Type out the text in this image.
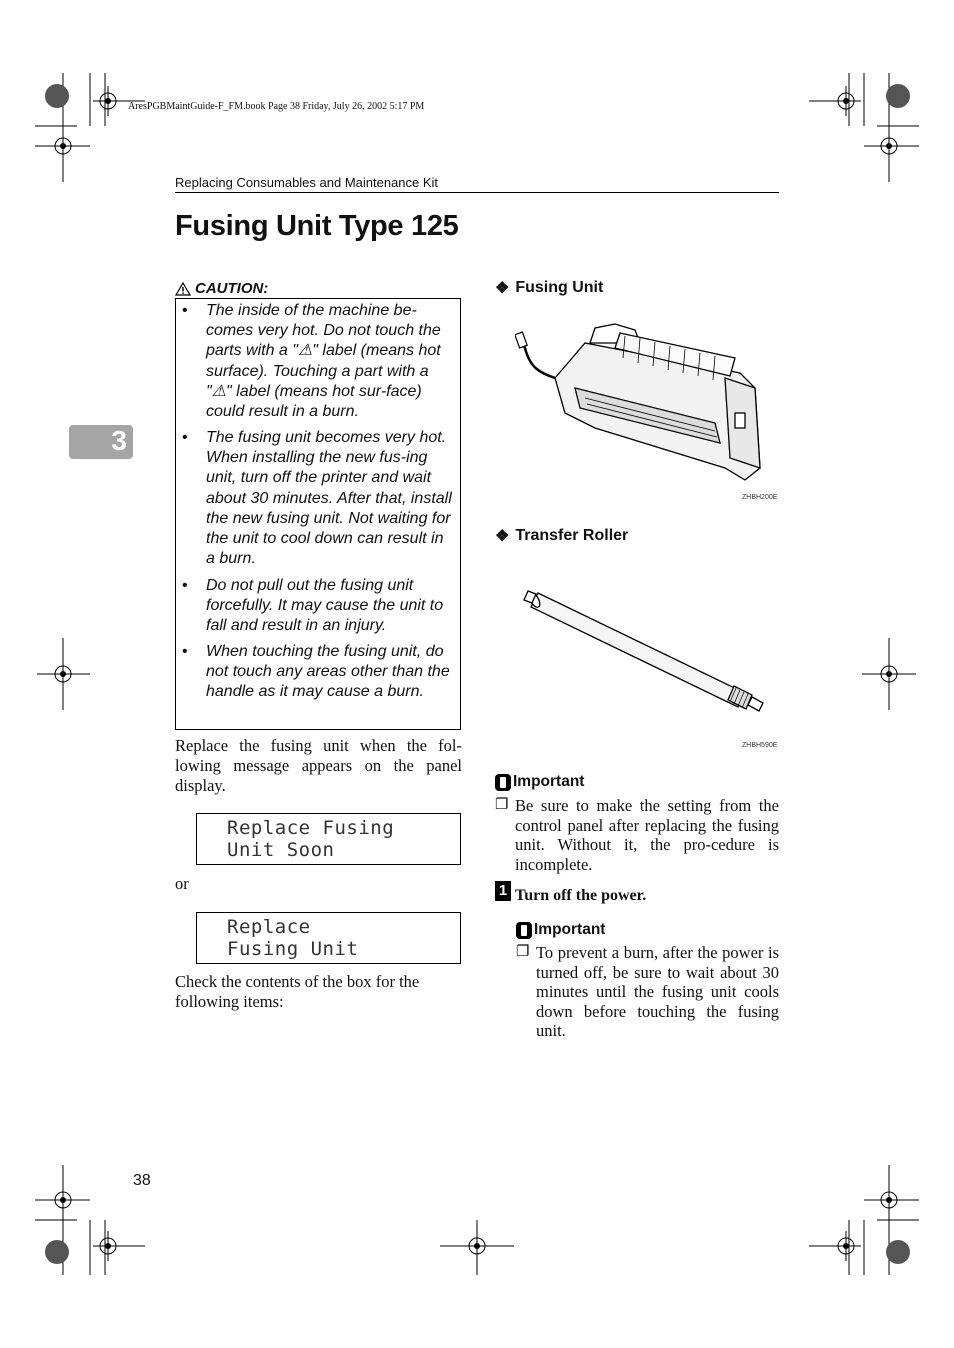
AresPGBMaintGuide-F_FM.book Page 38 Friday, July 26, 2002 5:17 PM
Replacing Consumables and Maintenance Kit
Fusing Unit Type 125
3
CAUTION:
• The inside of the machine be-comes very hot. Do not touch the parts with a "⚠" label (means hot surface). Touching a part with a "⚠" label (means hot sur-face) could result in a burn.
• The fusing unit becomes very hot. When installing the new fus-ing unit, turn off the printer and wait about 30 minutes. After that, install the new fusing unit. Not waiting for the unit to cool down can result in a burn.
• Do not pull out the fusing unit forcefully. It may cause the unit to fall and result in an injury.
• When touching the fusing unit, do not touch any areas other than the handle as it may cause a burn.
Replace the fusing unit when the fol-lowing message appears on the panel display.
Replace Fusing
Unit Soon
or
Replace
Fusing Unit
Check the contents of the box for the following items:
❖ Fusing Unit
ZHBH200E
❖ Transfer Roller
ZHBH590E
Important
❐ Be sure to make the setting from the control panel after replacing the fusing unit. Without it, the pro-cedure is incomplete.
1 Turn off the power.
Important
❐ To prevent a burn, after the power is turned off, be sure to wait about 30 minutes until the fusing unit cools down before touching the fusing unit.
38
